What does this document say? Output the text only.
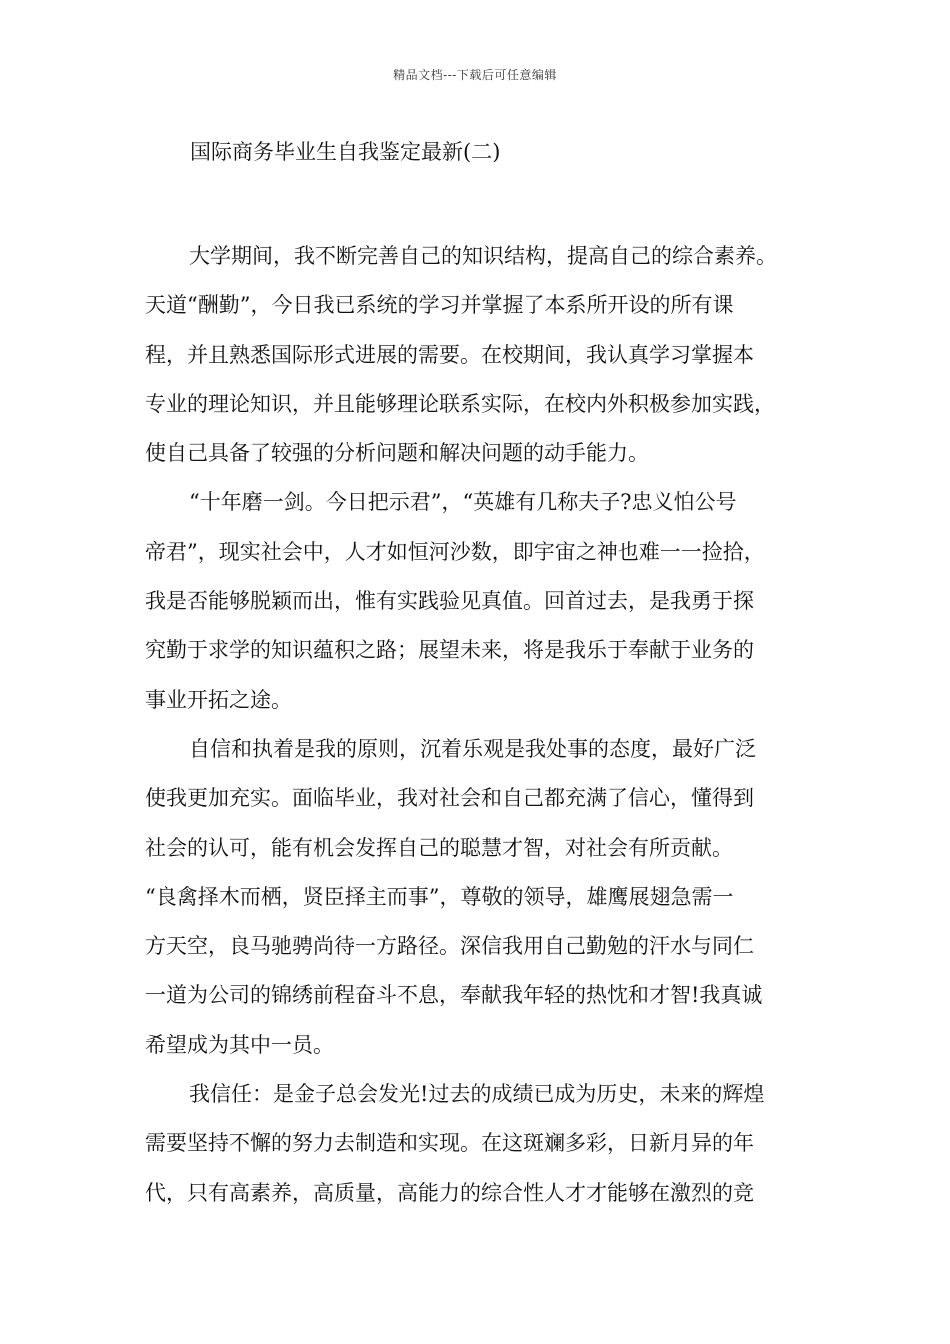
精品文档---下载后可任意编辑
国际商务毕业生自我鉴定最新(二)
大学期间，我不断完善自己的知识结构，提高自己的综合素养。
天道“酬勤”，今日我已系统的学习并掌握了本系所开设的所有课
程，并且熟悉国际形式进展的需要。在校期间，我认真学习掌握本
专业的理论知识，并且能够理论联系实际，在校内外积极参加实践，
使自己具备了较强的分析问题和解决问题的动手能力。
“十年磨一剑。今日把示君”，“英雄有几称夫子?忠义怕公号
帝君”，现实社会中，人才如恒河沙数，即宇宙之神也难一一捡拾，
我是否能够脱颖而出，惟有实践验见真值。回首过去，是我勇于探
究勤于求学的知识蕴积之路；展望未来，将是我乐于奉献于业务的
事业开拓之途。
自信和执着是我的原则，沉着乐观是我处事的态度，最好广泛
使我更加充实。面临毕业，我对社会和自己都充满了信心，懂得到
社会的认可，能有机会发挥自己的聪慧才智，对社会有所贡献。
“良禽择木而栖，贤臣择主而事”，尊敬的领导，雄鹰展翅急需一
方天空，良马驰骋尚待一方路径。深信我用自己勤勉的汗水与同仁
一道为公司的锦绣前程奋斗不息，奉献我年轻的热忱和才智!我真诚
希望成为其中一员。
我信任：是金子总会发光!过去的成绩已成为历史，未来的辉煌
需要坚持不懈的努力去制造和实现。在这斑斓多彩，日新月异的年
代，只有高素养，高质量，高能力的综合性人才才能够在激烈的竞
